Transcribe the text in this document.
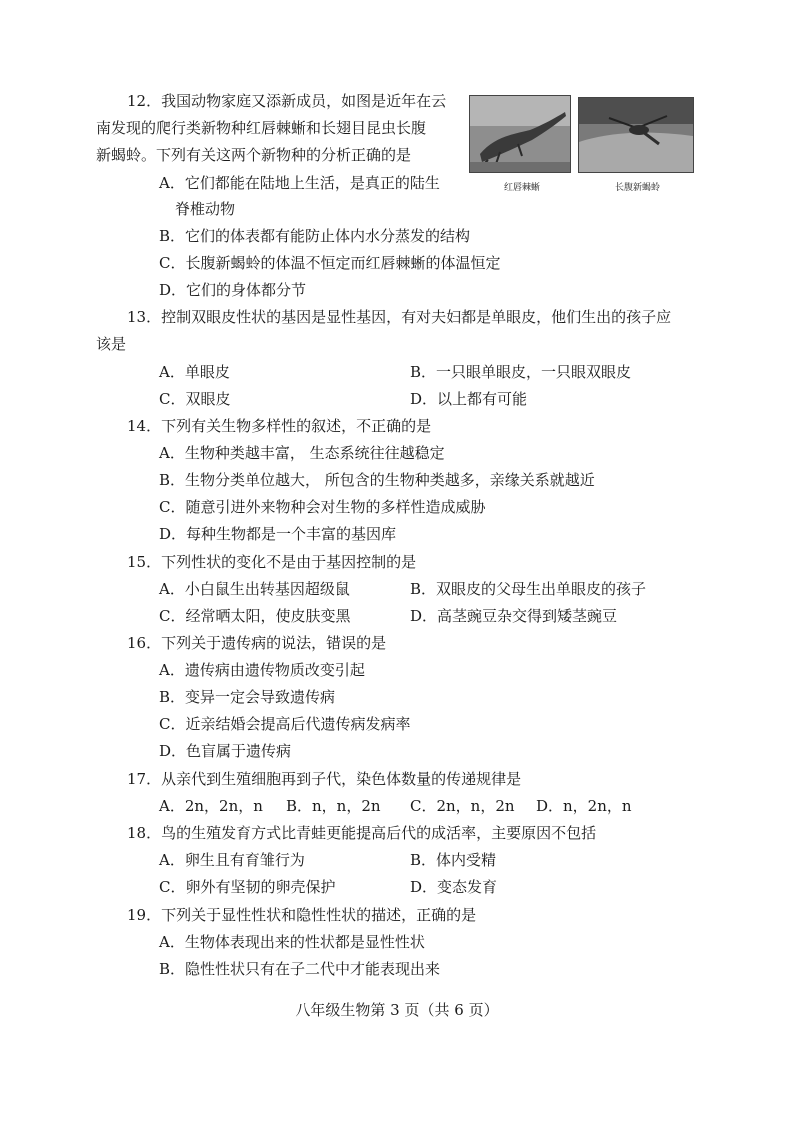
12．我国动物家庭又添新成员，如图是近年在云
南发现的爬行类新物种红唇棘蜥和长翅目昆虫长腹
新蝎蛉。下列有关这两个新物种的分析正确的是
红唇棘蜥	长腹新蝎蛉
A．它们都能在陆地上生活，是真正的陆生
脊椎动物
B．它们的体表都有能防止体内水分蒸发的结构
C．长腹新蝎蛉的体温不恒定而红唇棘蜥的体温恒定
D．它们的身体都分节
13．控制双眼皮性状的基因是显性基因，有对夫妇都是单眼皮，他们生出的孩子应
该是
A．单眼皮	B．一只眼单眼皮，一只眼双眼皮
C．双眼皮	D．以上都有可能
14．下列有关生物多样性的叙述，不正确的是
A．生物种类越丰富， 生态系统往往越稳定
B．生物分类单位越大， 所包含的生物种类越多，亲缘关系就越近
C．随意引进外来物种会对生物的多样性造成威胁
D．每种生物都是一个丰富的基因库
15．下列性状的变化不是由于基因控制的是
A．小白鼠生出转基因超级鼠	B．双眼皮的父母生出单眼皮的孩子
C．经常晒太阳，使皮肤变黑	D．高茎豌豆杂交得到矮茎豌豆
16．下列关于遗传病的说法，错误的是
A．遗传病由遗传物质改变引起
B．变异一定会导致遗传病
C．近亲结婚会提高后代遗传病发病率
D．色盲属于遗传病
17．从亲代到生殖细胞再到子代，染色体数量的传递规律是
A．2n，2n，n B．n，n，2n C．2n，n，2n D．n，2n，n
18．鸟的生殖发育方式比青蛙更能提高后代的成活率，主要原因不包括
A．卵生且有育雏行为	B．体内受精
C．卵外有坚韧的卵壳保护	D．变态发育
19．下列关于显性性状和隐性性状的描述，正确的是
A．生物体表现出来的性状都是显性性状
B．隐性性状只有在子二代中才能表现出来
八年级生物第 3 页（共 6 页）
